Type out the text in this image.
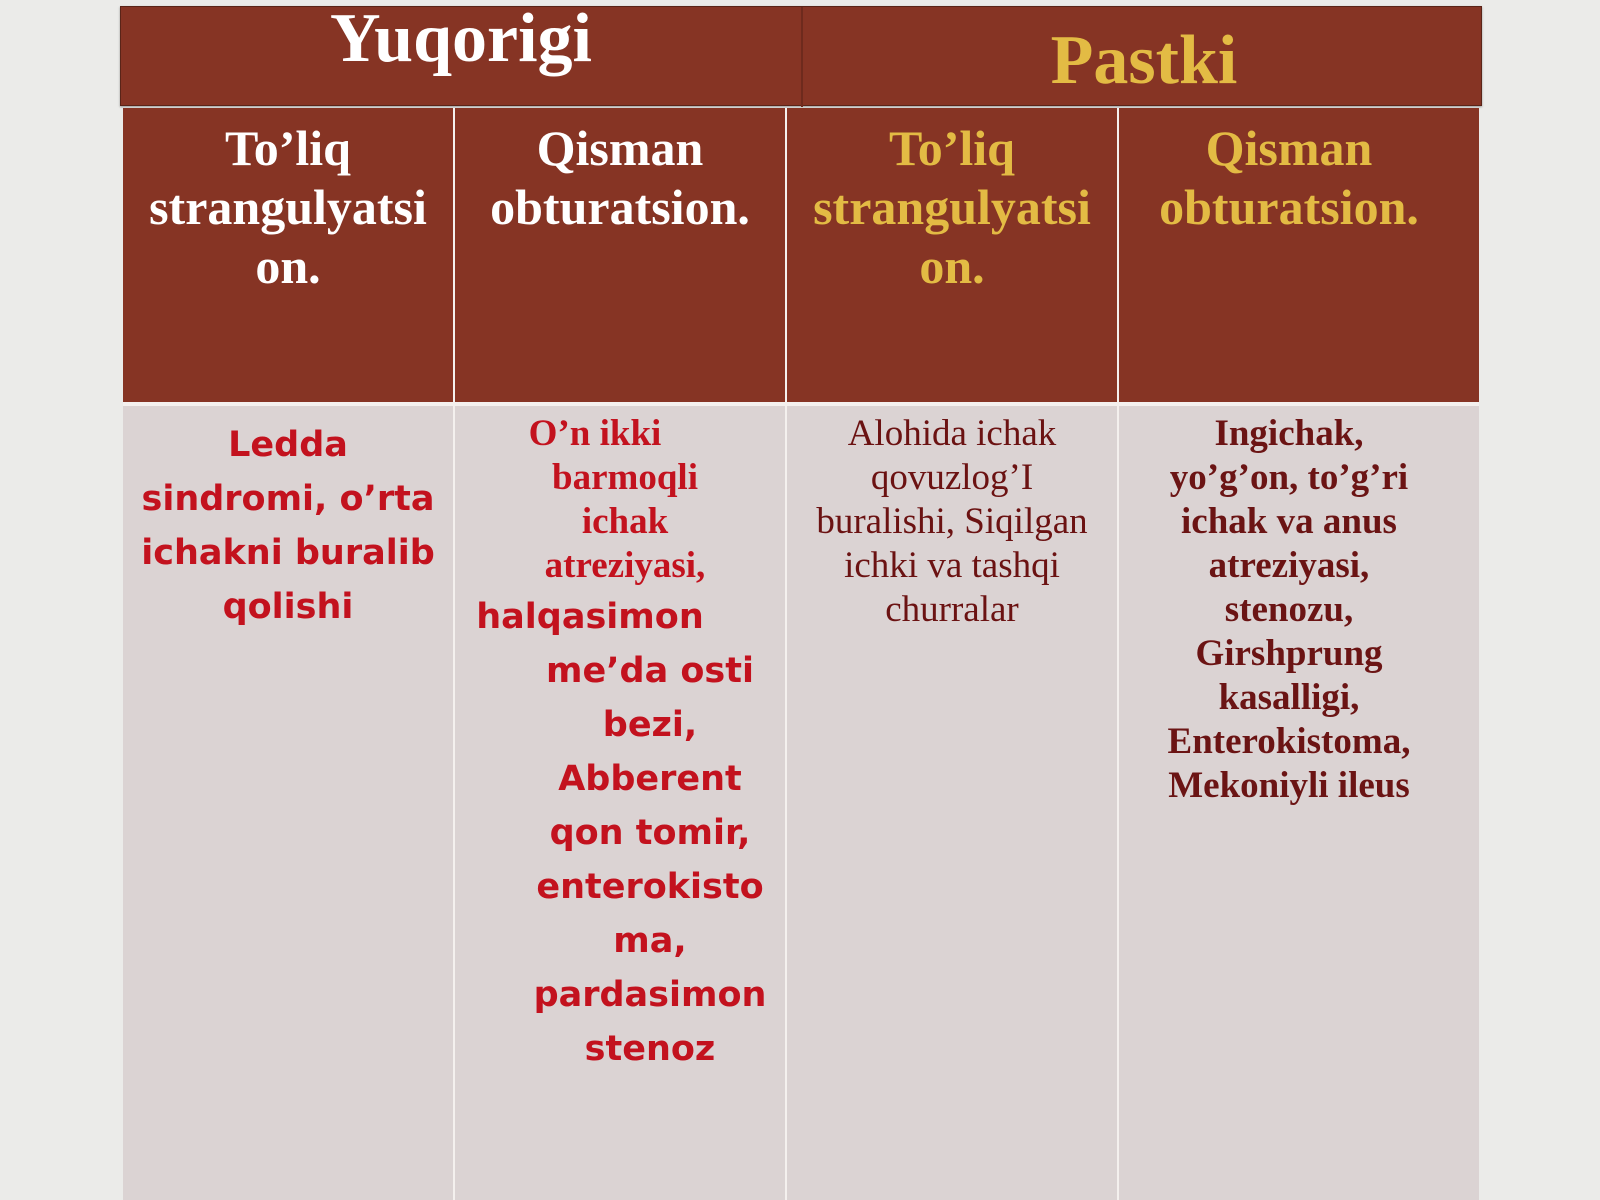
Yuqorigi	Pastki
To’liq
strangulyatsi
on.
Qisman
obturatsion.
To’liq
strangulyatsi
on.
Qisman
obturatsion.
Ledda
sindromi, o’rta
ichakni buralib
qolishi
O’n ikki
barmoqli
ichak
atreziyasi,
halqasimon
me’da osti
bezi,
Abberent
qon tomir,
enterokisto
ma,
pardasimon
stenoz
Alohida ichak
qovuzlog’I
buralishi, Siqilgan
ichki va tashqi
churralar
Ingichak,
yo’g’on, to’g’ri
ichak va anus
atreziyasi,
stenozu,
Girshprung
kasalligi,
Enterokistoma,
Mekoniyli ileus
